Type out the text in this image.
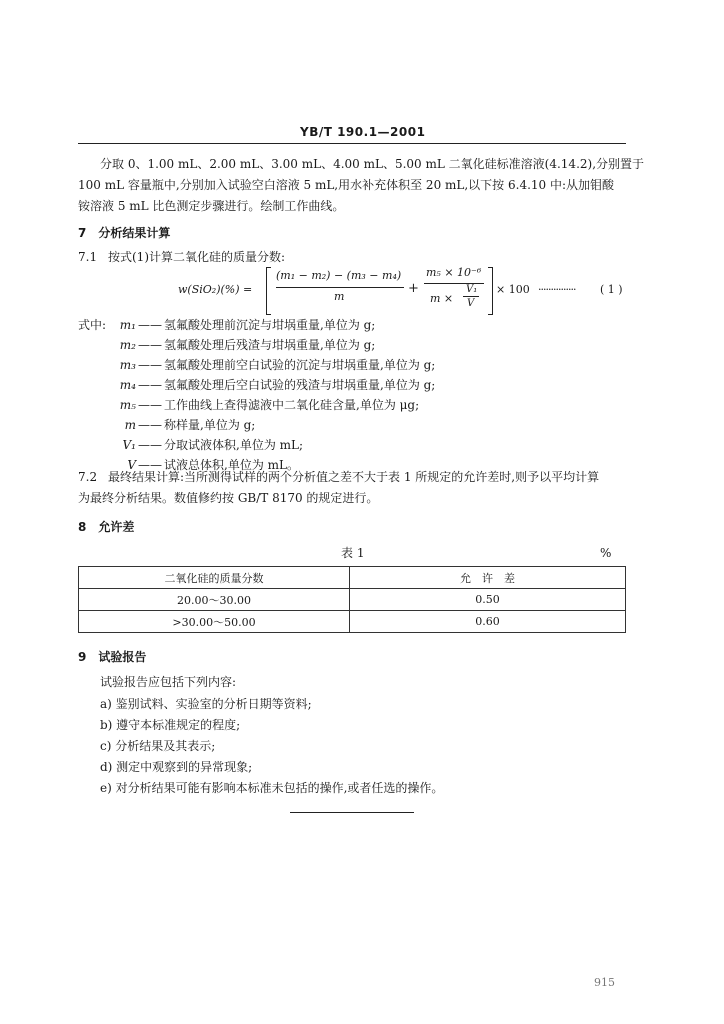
YB/T 190.1—2001
分取 0、1.00 mL、2.00 mL、3.00 mL、4.00 mL、5.00 mL 二氧化硅标准溶液(4.14.2),分别置于
100 mL 容量瓶中,分别加入试验空白溶液 5 mL,用水补充体积至 20 mL,以下按 6.4.10 中:从加钼酸
铵溶液 5 mL 比色测定步骤进行。绘制工作曲线。
7　分析结果计算
7.1 按式(1)计算二氧化硅的质量分数:
w(SiO₂)(%) =
(m₁ − m₂) − (m₃ − m₄)
m
+
m₅ × 10⁻⁶
m ×
V₁
V
× 100 ··············· ( 1 )
式中:	m₁ —— 氢氟酸处理前沉淀与坩埚重量,单位为 g;
m₂ —— 氢氟酸处理后残渣与坩埚重量,单位为 g;
m₃ —— 氢氟酸处理前空白试验的沉淀与坩埚重量,单位为 g;
m₄ —— 氢氟酸处理后空白试验的残渣与坩埚重量,单位为 g;
m₅ —— 工作曲线上查得滤液中二氧化硅含量,单位为 μg;
m —— 称样量,单位为 g;
V₁ —— 分取试液体积,单位为 mL;
V —— 试液总体积,单位为 mL。
7.2 最终结果计算:当所测得试样的两个分析值之差不大于表 1 所规定的允许差时,则予以平均计算
为最终分析结果。数值修约按 GB/T 8170 的规定进行。
8　允许差
表 1	%
二氧化硅的质量分数	允　许　差
20.00～30.00	0.50
>30.00～50.00	0.60
9　试验报告
试验报告应包括下列内容:
a) 鉴别试料、实验室的分析日期等资料;
b) 遵守本标准规定的程度;
c) 分析结果及其表示;
d) 测定中观察到的异常现象;
e) 对分析结果可能有影响本标准未包括的操作,或者任选的操作。
915
